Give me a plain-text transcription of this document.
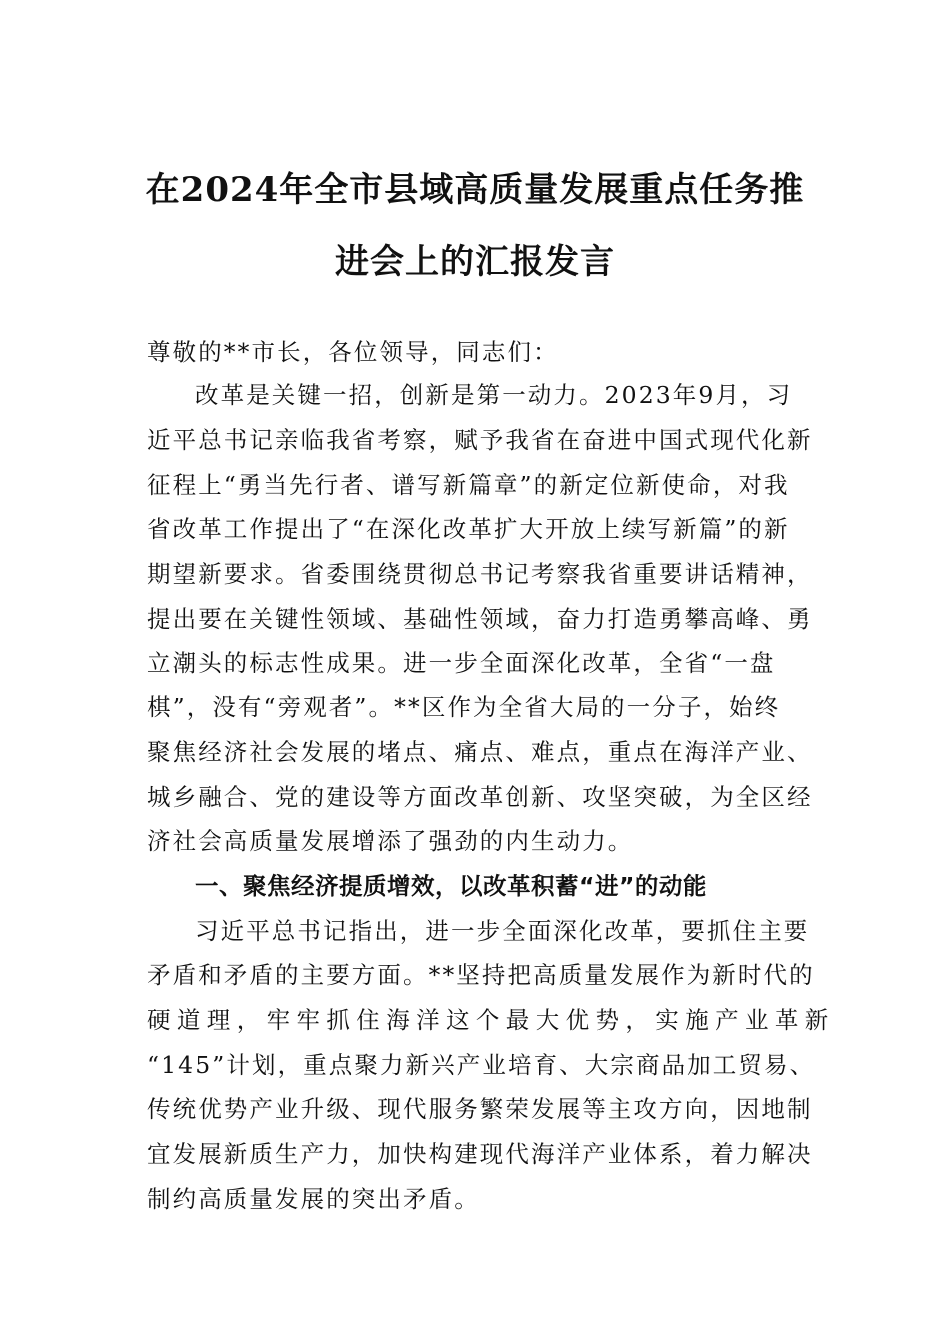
在2024年全市县域高质量发展重点任务推
进会上的汇报发言
尊敬的**市长，各位领导，同志们：
改革是关键一招，创新是第一动力。2023年9月，习
近平总书记亲临我省考察，赋予我省在奋进中国式现代化新
征程上“勇当先行者、谱写新篇章”的新定位新使命，对我
省改革工作提出了“在深化改革扩大开放上续写新篇”的新
期望新要求。省委围绕贯彻总书记考察我省重要讲话精神，
提出要在关键性领域、基础性领域，奋力打造勇攀高峰、勇
立潮头的标志性成果。进一步全面深化改革，全省“一盘
棋”，没有“旁观者”。**区作为全省大局的一分子，始终
聚焦经济社会发展的堵点、痛点、难点，重点在海洋产业、
城乡融合、党的建设等方面改革创新、攻坚突破，为全区经
济社会高质量发展增添了强劲的内生动力。
一、聚焦经济提质增效，以改革积蓄“进”的动能
习近平总书记指出，进一步全面深化改革，要抓住主要
矛盾和矛盾的主要方面。**坚持把高质量发展作为新时代的
硬道理，牢牢抓住海洋这个最大优势，实施产业革新
“145”计划，重点聚力新兴产业培育、大宗商品加工贸易、
传统优势产业升级、现代服务繁荣发展等主攻方向，因地制
宜发展新质生产力，加快构建现代海洋产业体系，着力解决
制约高质量发展的突出矛盾。
